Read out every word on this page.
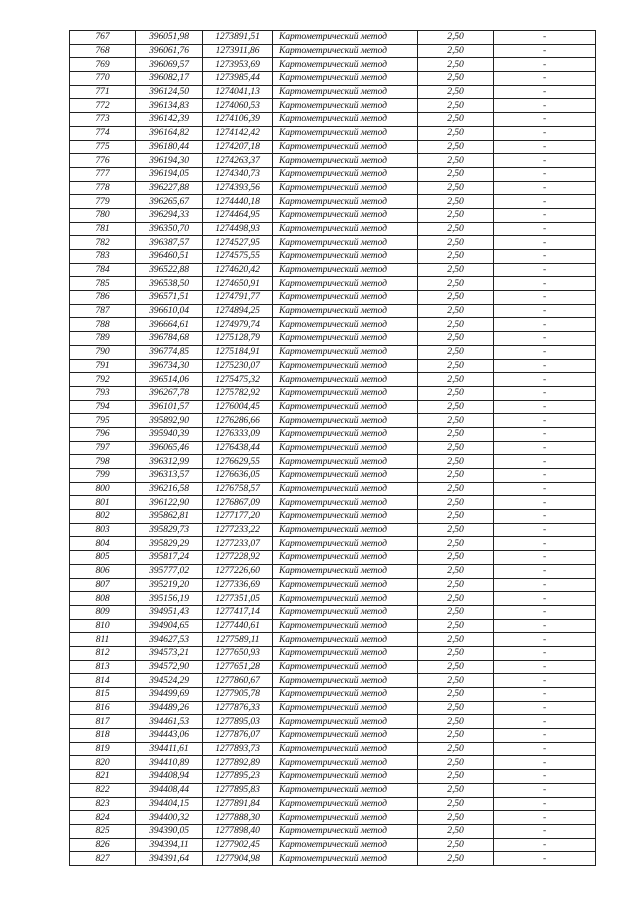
767	396051,98	1273891,51	Картометрический метод	2,50	-
768	396061,76	1273911,86	Картометрический метод	2,50	-
769	396069,57	1273953,69	Картометрический метод	2,50	-
770	396082,17	1273985,44	Картометрический метод	2,50	-
771	396124,50	1274041,13	Картометрический метод	2,50	-
772	396134,83	1274060,53	Картометрический метод	2,50	-
773	396142,39	1274106,39	Картометрический метод	2,50	-
774	396164,82	1274142,42	Картометрический метод	2,50	-
775	396180,44	1274207,18	Картометрический метод	2,50	-
776	396194,30	1274263,37	Картометрический метод	2,50	-
777	396194,05	1274340,73	Картометрический метод	2,50	-
778	396227,88	1274393,56	Картометрический метод	2,50	-
779	396265,67	1274440,18	Картометрический метод	2,50	-
780	396294,33	1274464,95	Картометрический метод	2,50	-
781	396350,70	1274498,93	Картометрический метод	2,50	-
782	396387,57	1274527,95	Картометрический метод	2,50	-
783	396460,51	1274575,55	Картометрический метод	2,50	-
784	396522,88	1274620,42	Картометрический метод	2,50	-
785	396538,50	1274650,91	Картометрический метод	2,50	-
786	396571,51	1274791,77	Картометрический метод	2,50	-
787	396610,04	1274894,25	Картометрический метод	2,50	-
788	396664,61	1274979,74	Картометрический метод	2,50	-
789	396784,68	1275128,79	Картометрический метод	2,50	-
790	396774,85	1275184,91	Картометрический метод	2,50	-
791	396734,30	1275230,07	Картометрический метод	2,50	-
792	396514,06	1275475,32	Картометрический метод	2,50	-
793	396267,78	1275782,92	Картометрический метод	2,50	-
794	396101,57	1276004,45	Картометрический метод	2,50	-
795	395892,90	1276286,66	Картометрический метод	2,50	-
796	395940,39	1276333,09	Картометрический метод	2,50	-
797	396065,46	1276438,44	Картометрический метод	2,50	-
798	396312,99	1276629,55	Картометрический метод	2,50	-
799	396313,57	1276636,05	Картометрический метод	2,50	-
800	396216,58	1276758,57	Картометрический метод	2,50	-
801	396122,90	1276867,09	Картометрический метод	2,50	-
802	395862,81	1277177,20	Картометрический метод	2,50	-
803	395829,73	1277233,22	Картометрический метод	2,50	-
804	395829,29	1277233,07	Картометрический метод	2,50	-
805	395817,24	1277228,92	Картометрический метод	2,50	-
806	395777,02	1277226,60	Картометрический метод	2,50	-
807	395219,20	1277336,69	Картометрический метод	2,50	-
808	395156,19	1277351,05	Картометрический метод	2,50	-
809	394951,43	1277417,14	Картометрический метод	2,50	-
810	394904,65	1277440,61	Картометрический метод	2,50	-
811	394627,53	1277589,11	Картометрический метод	2,50	-
812	394573,21	1277650,93	Картометрический метод	2,50	-
813	394572,90	1277651,28	Картометрический метод	2,50	-
814	394524,29	1277860,67	Картометрический метод	2,50	-
815	394499,69	1277905,78	Картометрический метод	2,50	-
816	394489,26	1277876,33	Картометрический метод	2,50	-
817	394461,53	1277895,03	Картометрический метод	2,50	-
818	394443,06	1277876,07	Картометрический метод	2,50	-
819	394411,61	1277893,73	Картометрический метод	2,50	-
820	394410,89	1277892,89	Картометрический метод	2,50	-
821	394408,94	1277895,23	Картометрический метод	2,50	-
822	394408,44	1277895,83	Картометрический метод	2,50	-
823	394404,15	1277891,84	Картометрический метод	2,50	-
824	394400,32	1277888,30	Картометрический метод	2,50	-
825	394390,05	1277898,40	Картометрический метод	2,50	-
826	394394,11	1277902,45	Картометрический метод	2,50	-
827	394391,64	1277904,98	Картометрический метод	2,50	-
